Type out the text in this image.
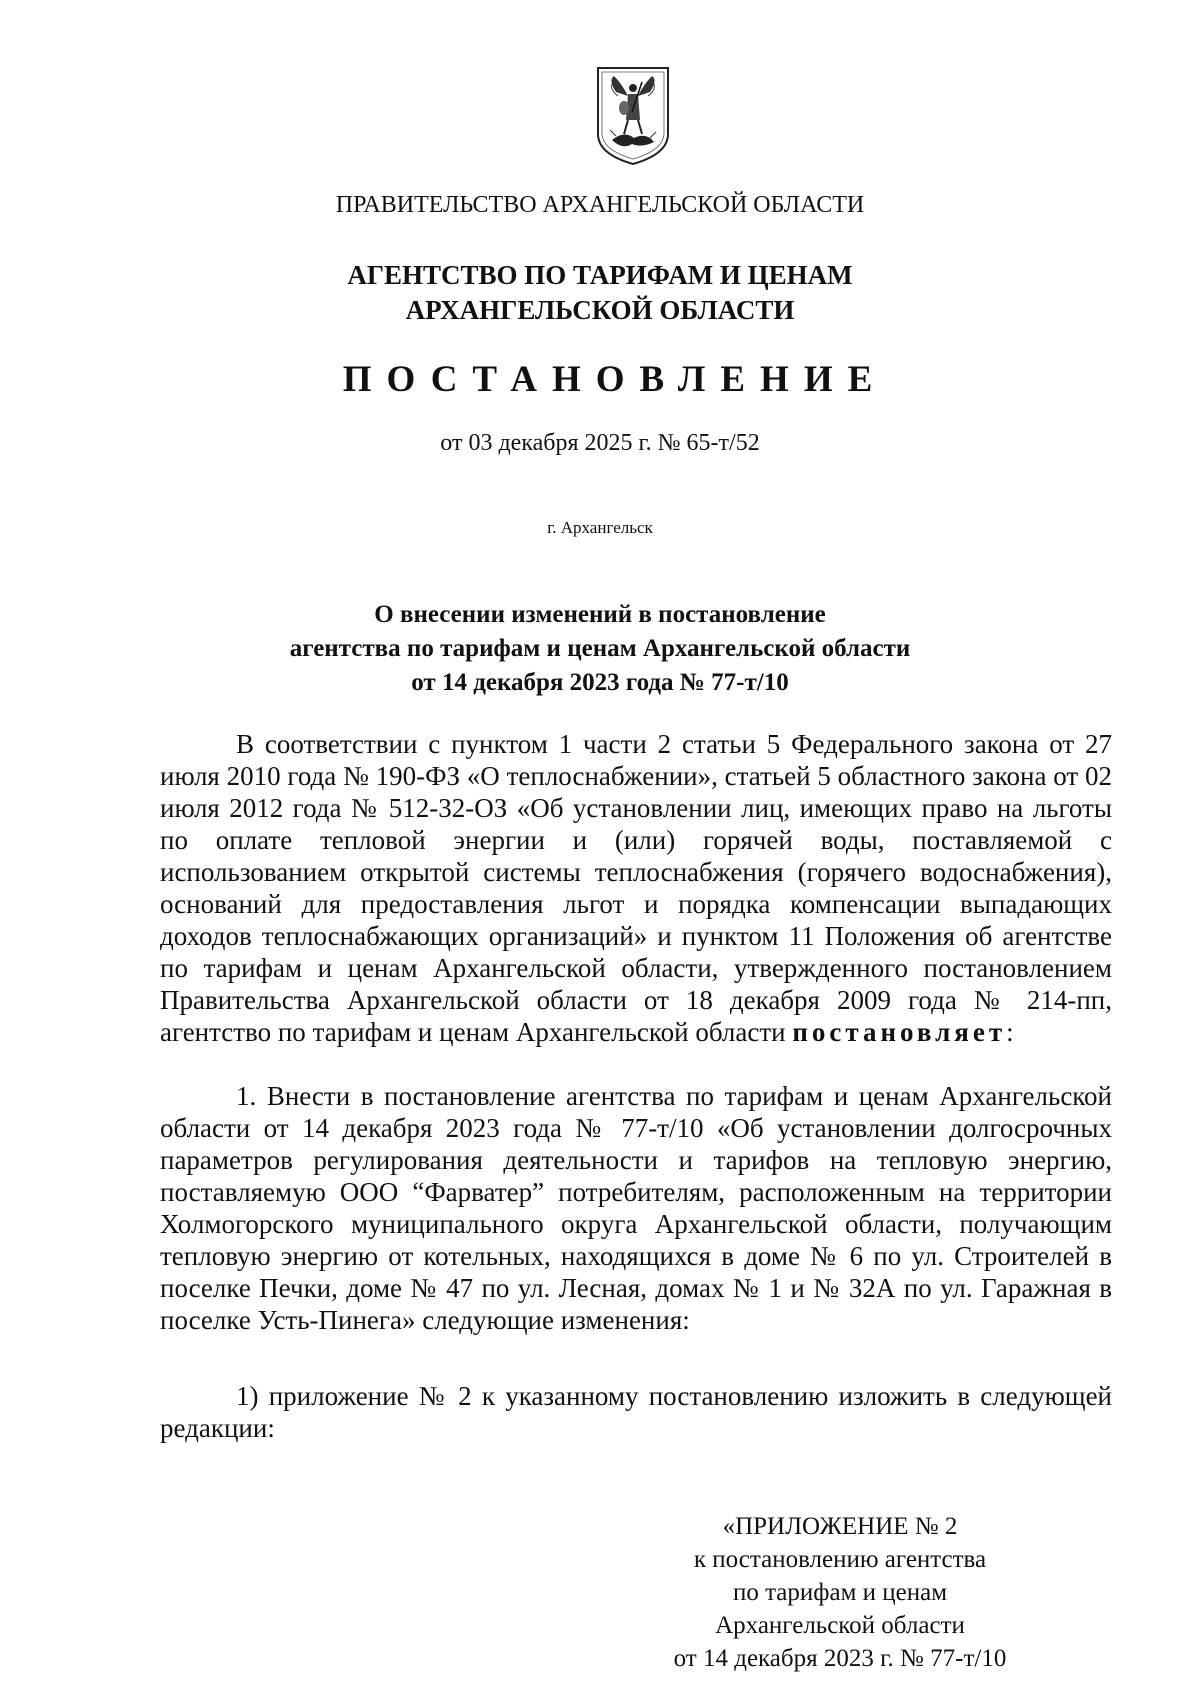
ПРАВИТЕЛЬСТВО АРХАНГЕЛЬСКОЙ ОБЛАСТИ
АГЕНТСТВО ПО ТАРИФАМ И ЦЕНАМ
АРХАНГЕЛЬСКОЙ ОБЛАСТИ
ПОСТАНОВЛЕНИЕ
от 03 декабря 2025 г. № 65-т/52
г. Архангельск
О внесении изменений в постановление
агентства по тарифам и ценам Архангельской области
от 14 декабря 2023 года № 77-т/10
В соответствии с пунктом 1 части 2 статьи 5 Федерального закона от 27 июля 2010 года № 190-ФЗ «О теплоснабжении», статьей 5 областного закона от 02 июля 2012 года № 512-32-ОЗ «Об установлении лиц, имеющих право на льготы по оплате тепловой энергии и (или) горячей воды, поставляемой с использованием открытой системы теплоснабжения (горячего водоснабжения), оснований для предоставления льгот и порядка компенсации выпадающих доходов теплоснабжающих организаций» и пунктом 11 Положения об агентстве по тарифам и ценам Архангельской области, утвержденного постановлением Правительства Архангельской области от 18 декабря 2009 года № 214-пп, агентство по тарифам и ценам Архангельской области постановляет:
1. Внести в постановление агентства по тарифам и ценам Архангельской области от 14 декабря 2023 года № 77-т/10 «Об установлении долгосрочных параметров регулирования деятельности и тарифов на тепловую энергию, поставляемую ООО “Фарватер” потребителям, расположенным на территории Холмогорского муниципального округа Архангельской области, получающим тепловую энергию от котельных, находящихся в доме № 6 по ул. Строителей в поселке Печки, доме № 47 по ул. Лесная, домах № 1 и № 32А по ул. Гаражная в поселке Усть-Пинега» следующие изменения:
1) приложение № 2 к указанному постановлению изложить в следующей редакции:
«ПРИЛОЖЕНИЕ № 2
к постановлению агентства
по тарифам и ценам
Архангельской области
от 14 декабря 2023 г. № 77-т/10
